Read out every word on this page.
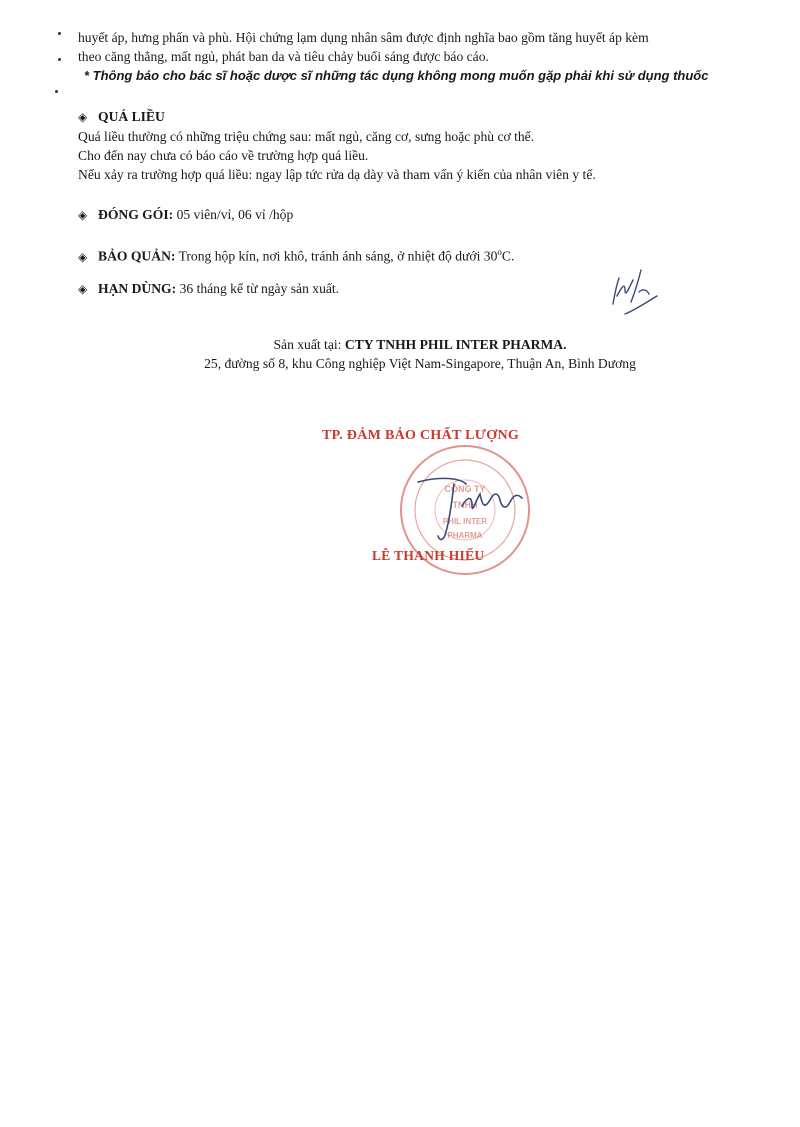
huyết áp, hưng phấn và phù. Hội chứng lạm dụng nhân sâm được định nghĩa bao gồm tăng huyết áp kèm
theo căng thẳng, mất ngủ, phát ban da và tiêu chảy buổi sáng được báo cáo.
* Thông báo cho bác sĩ hoặc dược sĩ những tác dụng không mong muốn gặp phải khi sử dụng thuốc
◈ QUÁ LIỀU
Quá liều thường có những triệu chứng sau: mất ngủ, căng cơ, sưng hoặc phù cơ thể.
Cho đến nay chưa có báo cáo về trường hợp quá liều.
Nếu xảy ra trường hợp quá liều: ngay lập tức rửa dạ dày và tham vấn ý kiến của nhân viên y tế.
◈ ĐÓNG GÓI: 05 viên/vỉ, 06 vỉ /hộp
◈ BẢO QUẢN: Trong hộp kín, nơi khô, tránh ánh sáng, ở nhiệt độ dưới 30$^o$C.
◈ HẠN DÙNG: 36 tháng kể từ ngày sản xuất.
Sản xuất tại: CTY TNHH PHIL INTER PHARMA.
25, đường số 8, khu Công nghiệp Việt Nam-Singapore, Thuận An, Bình Dương
TP. ĐẢM BẢO CHẤT LƯỢNG
CÔNG TY
TNHH
PHIL INTER
PHARMA
LÊ THANH HIẾU
